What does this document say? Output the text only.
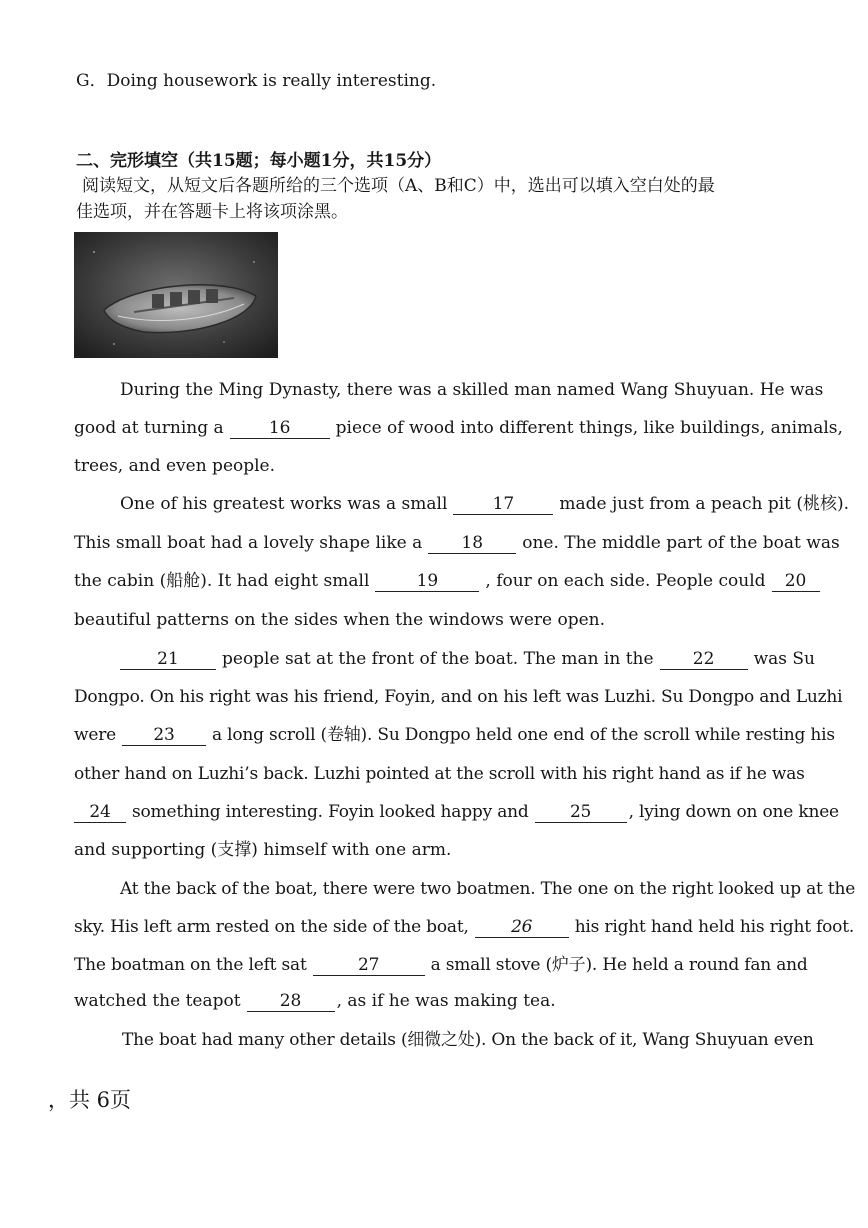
G．Doing housework is really interesting.
二、完形填空（共15题；每小题1分，共15分）
阅读短文，从短文后各题所给的三个选项（A、B和C）中，选出可以填入空白处的最
佳选项，并在答题卡上将该项涂黑。
During the Ming Dynasty, there was a skilled man named Wang Shuyuan. He was
good at turning a	16	piece of wood into different things, like buildings, animals,
trees, and even people.
One of his greatest works was a small	17	made just from a peach pit (桃核).
This small boat had a lovely shape like a 18 one. The middle part of the boat was
the cabin (船舱). It had eight small	19	, four on each side. People could 20
beautiful patterns on the sides when the windows were open.
21	people sat at the front of the boat. The man in the 22 was Su
Dongpo. On his right was his friend, Foyin, and on his left was Luzhi. Su Dongpo and Luzhi
were 23 a long scroll (卷轴). Su Dongpo held one end of the scroll while resting his
other hand on Luzhi’s back. Luzhi pointed at the scroll with his right hand as if he was
24 something interesting. Foyin looked happy and 25 , lying down on one knee
and supporting (支撑) himself with one arm.
At the back of the boat, there were two boatmen. The one on the right looked up at the
sky. His left arm rested on the side of the boat, 26 his right hand held his right foot.
The boatman on the left sat	27	a small stove (炉子). He held a round fan and
watched the teapot 28 , as if he was making tea.
The boat had many other details (细微之处). On the back of it, Wang Shuyuan even
，共 6页
